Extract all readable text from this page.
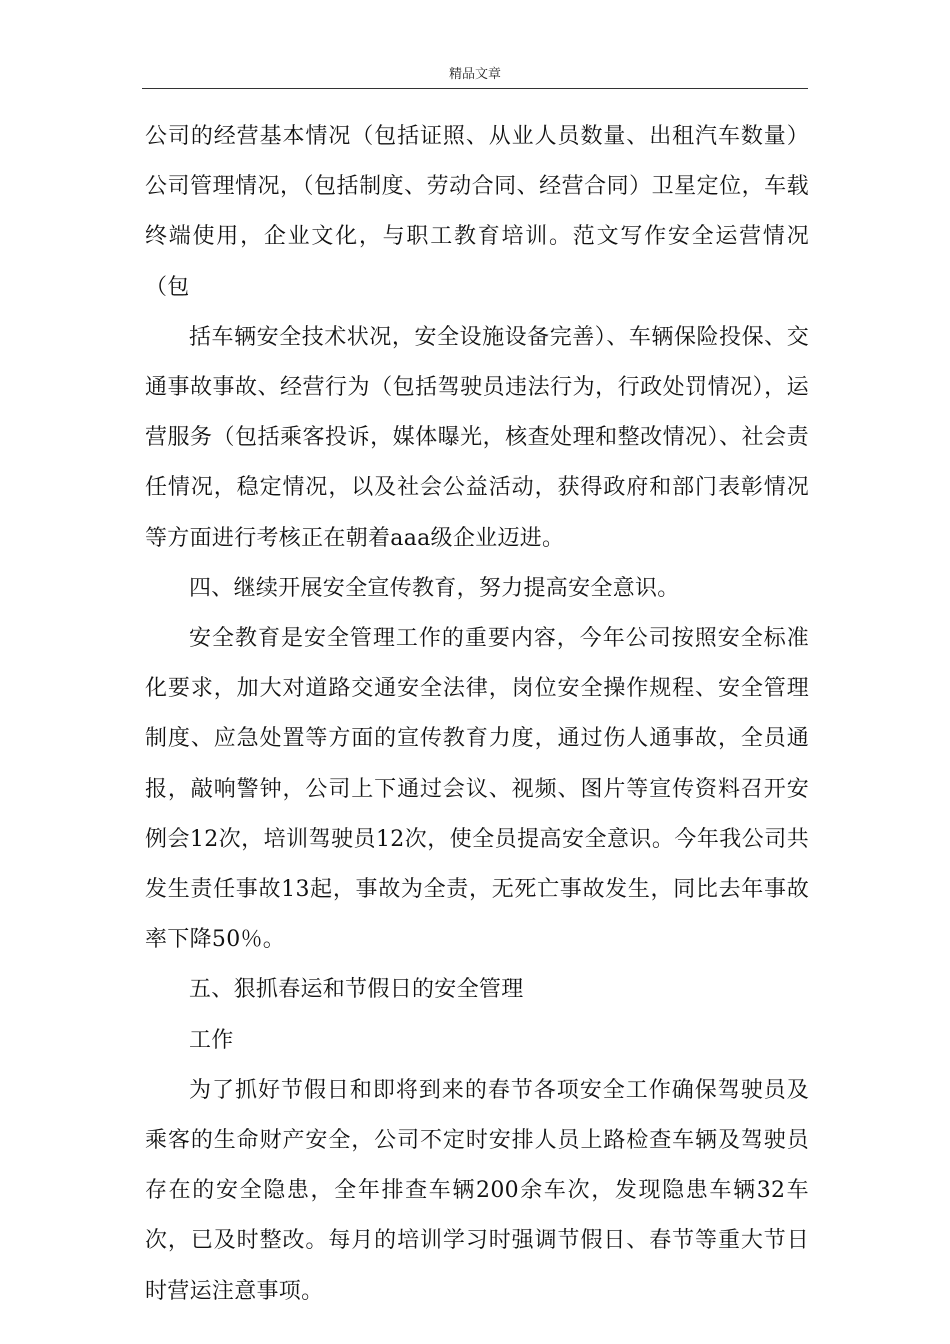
精品文章

公司的经营基本情况（包括证照、从业人员数量、出租汽车数量）公司管理情况，（包括制度、劳动合同、经营合同）卫星定位，车载终端使用，企业文化，与职工教育培训。范文写作安全运营情况（包

括车辆安全技术状况，安全设施设备完善）、车辆保险投保、交通事故事故、经营行为（包括驾驶员违法行为，行政处罚情况），运营服务（包括乘客投诉，媒体曝光，核查处理和整改情况）、社会责任情况，稳定情况，以及社会公益活动，获得政府和部门表彰情况等方面进行考核正在朝着aaa级企业迈进。

四、继续开展安全宣传教育，努力提高安全意识。

安全教育是安全管理工作的重要内容，今年公司按照安全标准化要求，加大对道路交通安全法律，岗位安全操作规程、安全管理制度、应急处置等方面的宣传教育力度，通过伤人通事故，全员通报，敲响警钟，公司上下通过会议、视频、图片等宣传资料召开安例会12次，培训驾驶员12次，使全员提高安全意识。今年我公司共发生责任事故13起，事故为全责，无死亡事故发生，同比去年事故率下降50％。

五、狠抓春运和节假日的安全管理

工作

为了抓好节假日和即将到来的春节各项安全工作确保驾驶员及乘客的生命财产安全，公司不定时安排人员上路检查车辆及驾驶员存在的安全隐患，全年排查车辆200余车次，发现隐患车辆32车次，已及时整改。每月的培训学习时强调节假日、春节等重大节日时营运注意事项。
